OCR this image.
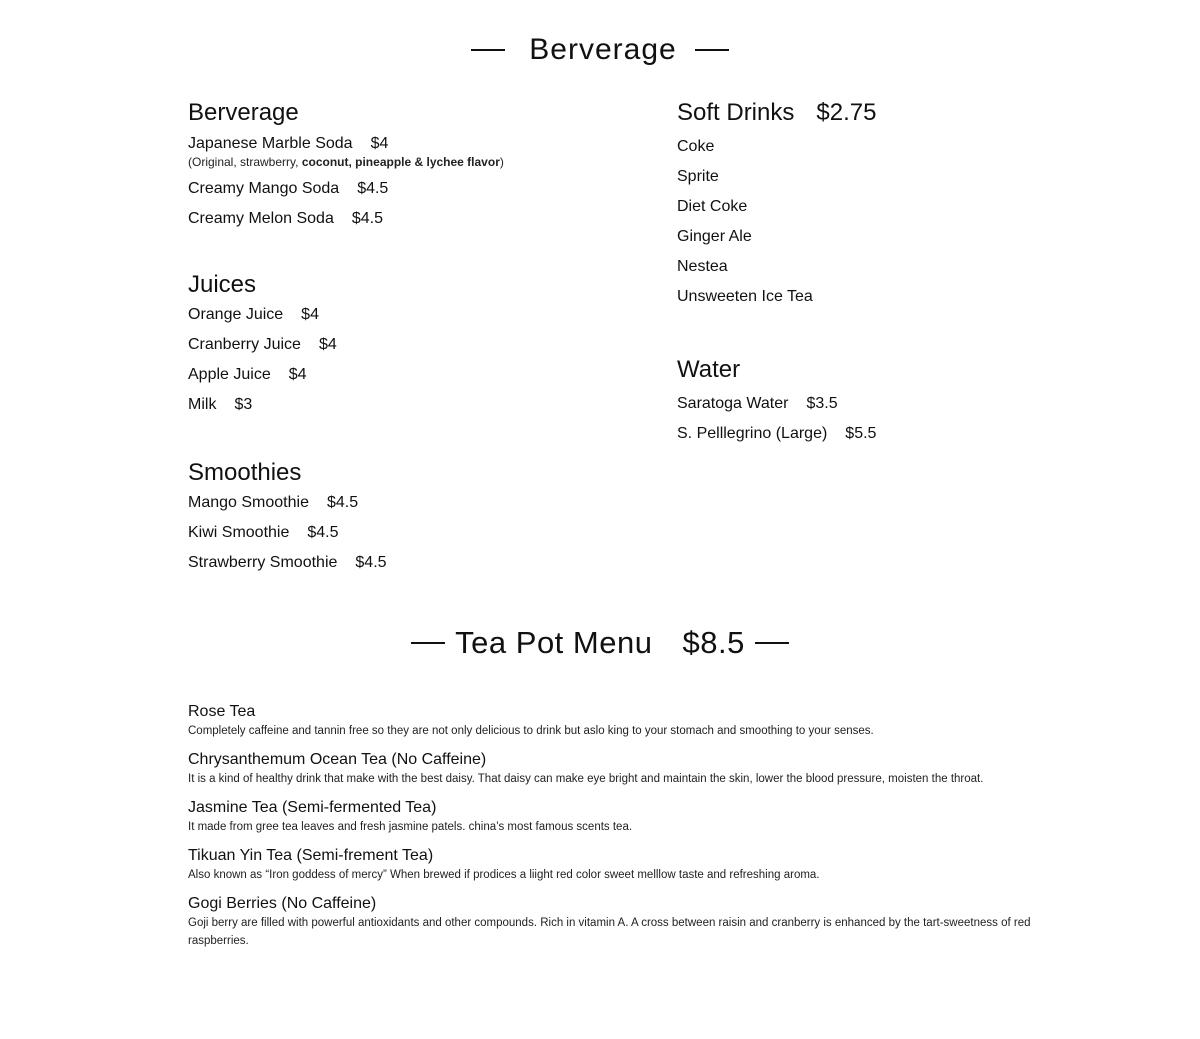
Berverage
Berverage
Japanese Marble Soda $4
(Original, strawberry, coconut, pineapple & lychee flavor)
Creamy Mango Soda $4.5
Creamy Melon Soda $4.5
Juices
Orange Juice $4
Cranberry Juice $4
Apple Juice $4
Milk $3
Smoothies
Mango Smoothie $4.5
Kiwi Smoothie $4.5
Strawberry Smoothie $4.5
Soft Drinks $2.75
Coke
Sprite
Diet Coke
Ginger Ale
Nestea
Unsweeten Ice Tea
Water
Saratoga Water $3.5
S. Pelllegrino (Large) $5.5
Tea Pot Menu $8.5
Rose Tea
Completely caffeine and tannin free so they are not only delicious to drink but aslo king to your stomach and smoothing to your senses.
Chrysanthemum Ocean Tea (No Caffeine)
It is a kind of healthy drink that make with the best daisy. That daisy can make eye bright and maintain the skin, lower the blood pressure, moisten the throat.
Jasmine Tea (Semi-fermented Tea)
It made from gree tea leaves and fresh jasmine patels. china’s most famous scents tea.
Tikuan Yin Tea (Semi-frement Tea)
Also known as “Iron goddess of mercy” When brewed if prodices a liight red color sweet melllow taste and refreshing aroma.
Gogi Berries (No Caffeine)
Goji berry are filled with powerful antioxidants and other compounds. Rich in vitamin A. A cross between raisin and cranberry is enhanced by the tart-sweetness of red raspberries.
